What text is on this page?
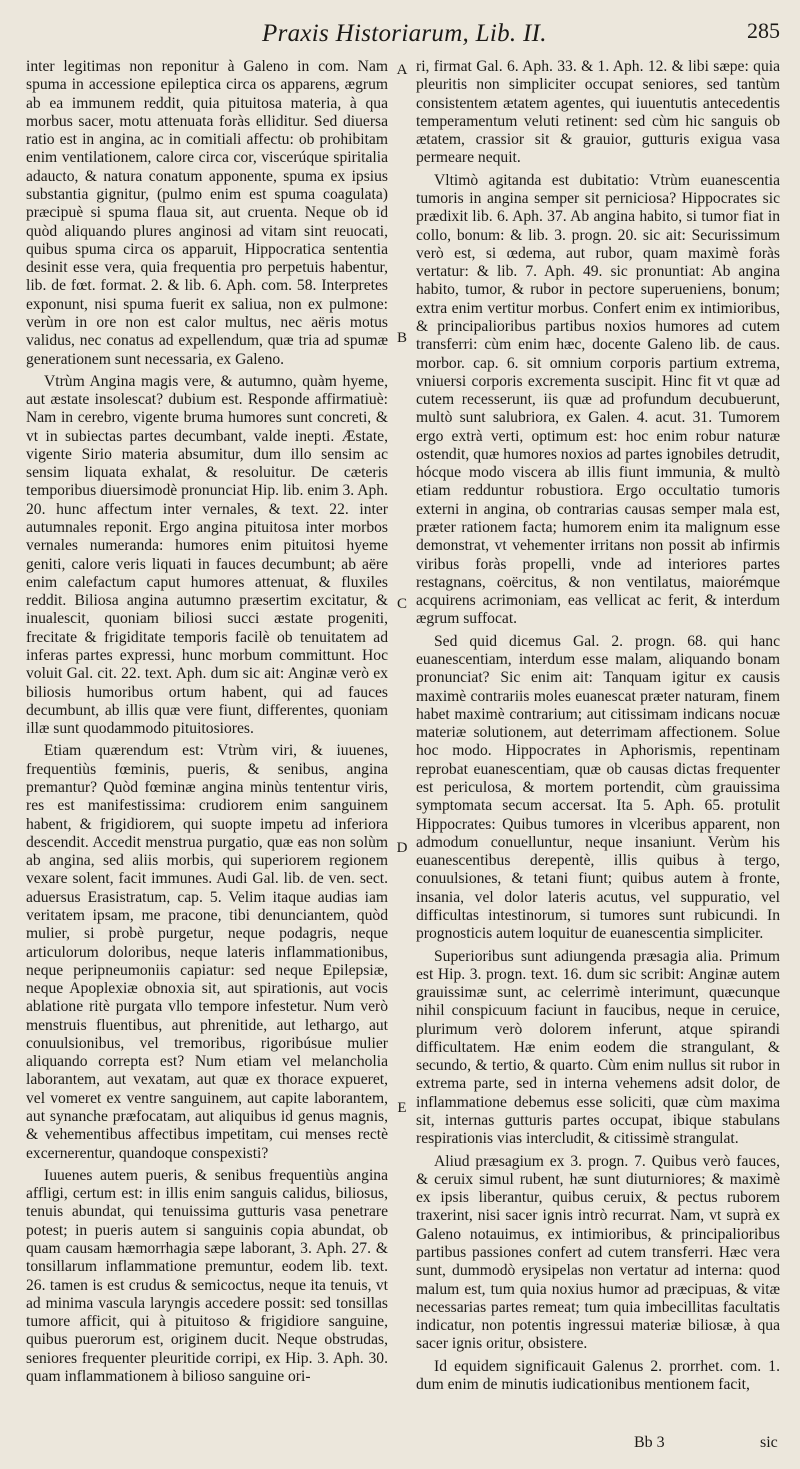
Praxis Historiarum, Lib. II.	285

inter legitimas non reponitur à Galeno in com. Nam spuma in accessione epileptica circa os apparens, ægrum ab ea immunem reddit, quia pituitosa materia, à qua morbus sacer, motu attenuata foràs elliditur. Sed diuersa ratio est in angina, ac in comitiali affectu: ob prohibitam enim ventilationem, calore circa cor, viscerúque spiritalia adaucto, & natura conatum apponente, spuma ex ipsius substantia gignitur, (pulmo enim est spuma coagulata) præcipuè si spuma flaua sit, aut cruenta. Neque ob id quòd aliquando plures anginosi ad vitam sint reuocati, quibus spuma circa os apparuit, Hippocratica sententia desinit esse vera, quia frequentia pro perpetuis habentur, lib. de fœt. format. 2. & lib. 6. Aph. com. 58. Interpretes exponunt, nisi spuma fuerit ex saliua, non ex pulmone: verùm in ore non est calor multus, nec aëris motus validus, nec conatus ad expellendum, quæ tria ad spumæ generationem sunt necessaria, ex Galeno.

Vtrùm Angina magis vere, & autumno, quàm hyeme, aut æstate insolescat? dubium est. Responde affirmatiuè: Nam in cerebro, vigente bruma humores sunt concreti, & vt in subiectas partes decumbant, valde inepti. Æstate, vigente Sirio materia absumitur, dum illo sensim ac sensim liquata exhalat, & resoluitur. De cæteris temporibus diuersimodè pronunciat Hip. lib. enim 3. Aph. 20. hunc affectum inter vernales, & text. 22. inter autumnales reponit. Ergo angina pituitosa inter morbos vernales numeranda: humores enim pituitosi hyeme geniti, calore veris liquati in fauces decumbunt; ab aëre enim calefactum caput humores attenuat, & fluxiles reddit. Biliosa angina autumno præsertim excitatur, & inualescit, quoniam biliosi succi æstate progeniti, frecitate & frigiditate temporis facilè ob tenuitatem ad inferas partes expressi, hunc morbum committunt. Hoc voluit Gal. cit. 22. text. Aph. dum sic ait: Anginæ verò ex biliosis humoribus ortum habent, qui ad fauces decumbunt, ab illis quæ vere fiunt, differentes, quoniam illæ sunt quodammodo pituitosiores.

Etiam quærendum est: Vtrùm viri, & iuuenes, frequentiùs fœminis, pueris, & senibus, angina premantur? Quòd fœminæ angina minùs tententur viris, res est manifestissima: crudiorem enim sanguinem habent, & frigidiorem, qui suopte impetu ad inferiora descendit. Accedit menstrua purgatio, quæ eas non solùm ab angina, sed aliis morbis, qui superiorem regionem vexare solent, facit immunes. Audi Gal. lib. de ven. sect. aduersus Erasistratum, cap. 5. Velim itaque audias iam veritatem ipsam, me pracone, tibi denunciantem, quòd mulier, si probè purgetur, neque podagris, neque articulorum doloribus, neque lateris inflammationibus, neque peripneumoniis capiatur: sed neque Epilepsiæ, neque Apoplexiæ obnoxia sit, aut spirationis, aut vocis ablatione ritè purgata vllo tempore infestetur. Num verò menstruis fluentibus, aut phrenitide, aut lethargo, aut conuulsionibus, vel tremoribus, rigoribúsue mulier aliquando correpta est? Num etiam vel melancholia laborantem, aut vexatam, aut quæ ex thorace expueret, vel vomeret ex ventre sanguinem, aut capite laborantem, aut synanche præfocatam, aut aliquibus id genus magnis, & vehementibus affectibus impetitam, cui menses rectè excernerentur, quandoque conspexisti?

Iuuenes autem pueris, & senibus frequentiùs angina affligi, certum est: in illis enim sanguis calidus, biliosus, tenuis abundat, qui tenuissima gutturis vasa penetrare potest; in pueris autem si sanguinis copia abundat, ob quam causam hæmorrhagia sæpe laborant, 3. Aph. 27. & tonsillarum inflammatione premuntur, eodem lib. text. 26. tamen is est crudus & semicoctus, neque ita tenuis, vt ad minima vascula laryngis accedere possit: sed tonsillas tumore afficit, qui à pituitoso & frigidiore sanguine, quibus puerorum est, originem ducit. Neque obstrudas, seniores frequenter pleuritide corripi, ex Hip. 3. Aph. 30. quam inflammationem à bilioso sanguine ori-

ri, firmat Gal. 6. Aph. 33. & 1. Aph. 12. & libi sæpe: quia pleuritis non simpliciter occupat seniores, sed tantùm consistentem ætatem agentes, qui iuuentutis antecedentis temperamentum veluti retinent: sed cùm hic sanguis ob ætatem, crassior sit & grauior, gutturis exigua vasa permeare nequit.

Vltimò agitanda est dubitatio: Vtrùm euanescentia tumoris in angina semper sit perniciosa? Hippocrates sic prædixit lib. 6. Aph. 37. Ab angina habito, si tumor fiat in collo, bonum: & lib. 3. progn. 20. sic ait: Securissimum verò est, si œdema, aut rubor, quam maximè foràs vertatur: & lib. 7. Aph. 49. sic pronuntiat: Ab angina habito, tumor, & rubor in pectore superueniens, bonum; extra enim vertitur morbus. Confert enim ex intimioribus, & principalioribus partibus noxios humores ad cutem transferri: cùm enim hæc, docente Galeno lib. de caus. morbor. cap. 6. sit omnium corporis partium extrema, vniuersi corporis excrementa suscipit. Hinc fit vt quæ ad cutem recesserunt, iis quæ ad profundum decubuerunt, multò sunt salubriora, ex Galen. 4. acut. 31. Tumorem ergo extrà verti, optimum est: hoc enim robur naturæ ostendit, quæ humores noxios ad partes ignobiles detrudit, hócque modo viscera ab illis fiunt immunia, & multò etiam redduntur robustiora. Ergo occultatio tumoris externi in angina, ob contrarias causas semper mala est, præter rationem facta; humorem enim ita malignum esse demonstrat, vt vehementer irritans non possit ab infirmis viribus foràs propelli, vnde ad interiores partes restagnans, coërcitus, & non ventilatus, maiorémque acquirens acrimoniam, eas vellicat ac ferit, & interdum ægrum suffocat.

Sed quid dicemus Gal. 2. progn. 68. qui hanc euanescentiam, interdum esse malam, aliquando bonam pronunciat? Sic enim ait: Tanquam igitur ex causis maximè contrariis moles euanescat præter naturam, finem habet maximè contrarium; aut citissimam indicans nocuæ materiæ solutionem, aut deterrimam affectionem. Solue hoc modo. Hippocrates in Aphorismis, repentinam reprobat euanescentiam, quæ ob causas dictas frequenter est periculosa, & mortem portendit, cùm grauissima symptomata secum accersat. Ita 5. Aph. 65. protulit Hippocrates: Quibus tumores in vlceribus apparent, non admodum conuelluntur, neque insaniunt. Verùm his euanescentibus derepentè, illis quibus à tergo, conuulsiones, & tetani fiunt; quibus autem à fronte, insania, vel dolor lateris acutus, vel suppuratio, vel difficultas intestinorum, si tumores sunt rubicundi. In prognosticis autem loquitur de euanescentia simpliciter.

Superioribus sunt adiungenda præsagia alia. Primum est Hip. 3. progn. text. 16. dum sic scribit: Anginæ autem grauissimæ sunt, ac celerrimè interimunt, quæcunque nihil conspicuum faciunt in faucibus, neque in ceruice, plurimum verò dolorem inferunt, atque spirandi difficultatem. Hæ enim eodem die strangulant, & secundo, & tertio, & quarto. Cùm enim nullus sit rubor in extrema parte, sed in interna vehemens adsit dolor, de inflammatione debemus esse soliciti, quæ cùm maxima sit, internas gutturis partes occupat, ibique stabulans respirationis vias intercludit, & citissimè strangulat.

Aliud præsagium ex 3. progn. 7. Quibus verò fauces, & ceruix simul rubent, hæ sunt diuturniores; & maximè ex ipsis liberantur, quibus ceruix, & pectus ruborem traxerint, nisi sacer ignis intrò recurrat. Nam, vt suprà ex Galeno notauimus, ex intimioribus, & principalioribus partibus passiones confert ad cutem transferri. Hæc vera sunt, dummodò erysipelas non vertatur ad interna: quod malum est, tum quia noxius humor ad præcipuas, & vitæ necessarias partes remeat; tum quia imbecillitas facultatis indicatur, non potentis ingressui materiæ biliosæ, à qua sacer ignis oritur, obsistere.

Id equidem significauit Galenus 2. prorrhet. com. 1. dum enim de minutis iudicationibus mentionem facit,

A
B
C
D
E
Bb 3	sic
